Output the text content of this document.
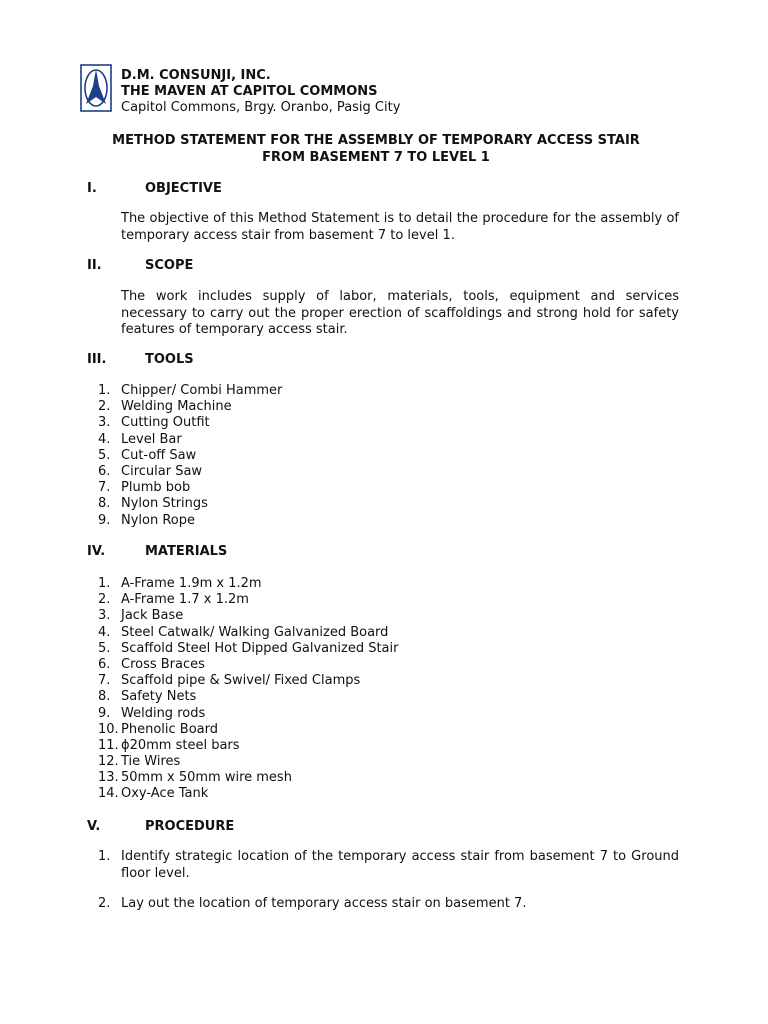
D.M. CONSUNJI, INC.
THE MAVEN AT CAPITOL COMMONS
Capitol Commons, Brgy. Oranbo, Pasig City
METHOD STATEMENT FOR THE ASSEMBLY OF TEMPORARY ACCESS STAIR
FROM BASEMENT 7 TO LEVEL 1
I.	OBJECTIVE
The objective of this Method Statement is to detail the procedure for the assembly of temporary access stair from basement 7 to level 1.
II.	SCOPE
The work includes supply of labor, materials, tools, equipment and services necessary to carry out the proper erection of scaffoldings and strong hold for safety features of temporary access stair.
III.	TOOLS
1. Chipper/ Combi Hammer
2. Welding Machine
3. Cutting Outfit
4. Level Bar
5. Cut-off Saw
6. Circular Saw
7. Plumb bob
8. Nylon Strings
9. Nylon Rope
IV.	MATERIALS
1. A-Frame 1.9m x 1.2m
2. A-Frame 1.7 x 1.2m
3. Jack Base
4. Steel Catwalk/ Walking Galvanized Board
5. Scaffold Steel Hot Dipped Galvanized Stair
6. Cross Braces
7. Scaffold pipe & Swivel/ Fixed Clamps
8. Safety Nets
9. Welding rods
10. Phenolic Board
11. ϕ20mm steel bars
12. Tie Wires
13. 50mm x 50mm wire mesh
14. Oxy-Ace Tank
V.	PROCEDURE
1. Identify strategic location of the temporary access stair from basement 7 to Ground floor level.
2. Lay out the location of temporary access stair on basement 7.
